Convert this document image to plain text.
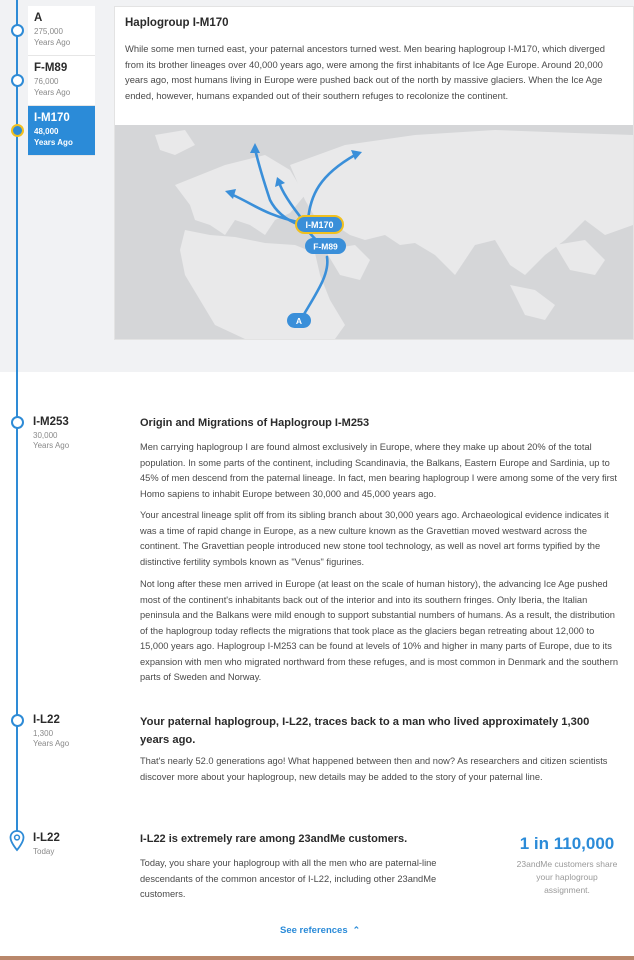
A
275,000
Years Ago
F-M89
76,000
Years Ago
I-M170
48,000
Years Ago
Haplogroup I-M170
While some men turned east, your paternal ancestors turned west. Men bearing haplogroup I-M170, which diverged from its brother lineages over 40,000 years ago, were among the first inhabitants of Ice Age Europe. Around 20,000 years ago, most humans living in Europe were pushed back out of the north by massive glaciers. When the Ice Age ended, however, humans expanded out of their southern refuges to recolonize the continent.
I-M170
F-M89
A
I-M253
30,000
Years Ago
Origin and Migrations of Haplogroup I-M253
Men carrying haplogroup I are found almost exclusively in Europe, where they make up about 20% of the total population. In some parts of the continent, including Scandinavia, the Balkans, Eastern Europe and Sardinia, up to 45% of men descend from the paternal lineage. In fact, men bearing haplogroup I were among some of the very first Homo sapiens to inhabit Europe between 30,000 and 45,000 years ago.
Your ancestral lineage split off from its sibling branch about 30,000 years ago. Archaeological evidence indicates it was a time of rapid change in Europe, as a new culture known as the Gravettian moved westward across the continent. The Gravettian people introduced new stone tool technology, as well as novel art forms typified by the distinctive fertility symbols known as "Venus" figurines.
Not long after these men arrived in Europe (at least on the scale of human history), the advancing Ice Age pushed most of the continent's inhabitants back out of the interior and into its southern fringes. Only Iberia, the Italian peninsula and the Balkans were mild enough to support substantial numbers of humans. As a result, the distribution of the haplogroup today reflects the migrations that took place as the glaciers began retreating about 12,000 to 15,000 years ago. Haplogroup I-M253 can be found at levels of 10% and higher in many parts of Europe, due to its expansion with men who migrated northward from these refuges, and is most common in Denmark and the southern parts of Sweden and Norway.
I-L22
1,300
Years Ago
Your paternal haplogroup, I-L22, traces back to a man who lived approximately 1,300 years ago.
That's nearly 52.0 generations ago! What happened between then and now? As researchers and citizen scientists discover more about your haplogroup, new details may be added to the story of your paternal line.
I-L22
Today
I-L22 is extremely rare among 23andMe customers.
Today, you share your haplogroup with all the men who are paternal-line descendants of the common ancestor of I-L22, including other 23andMe customers.
1 in 110,000
23andMe customers share your haplogroup assignment.
See references ⌃
